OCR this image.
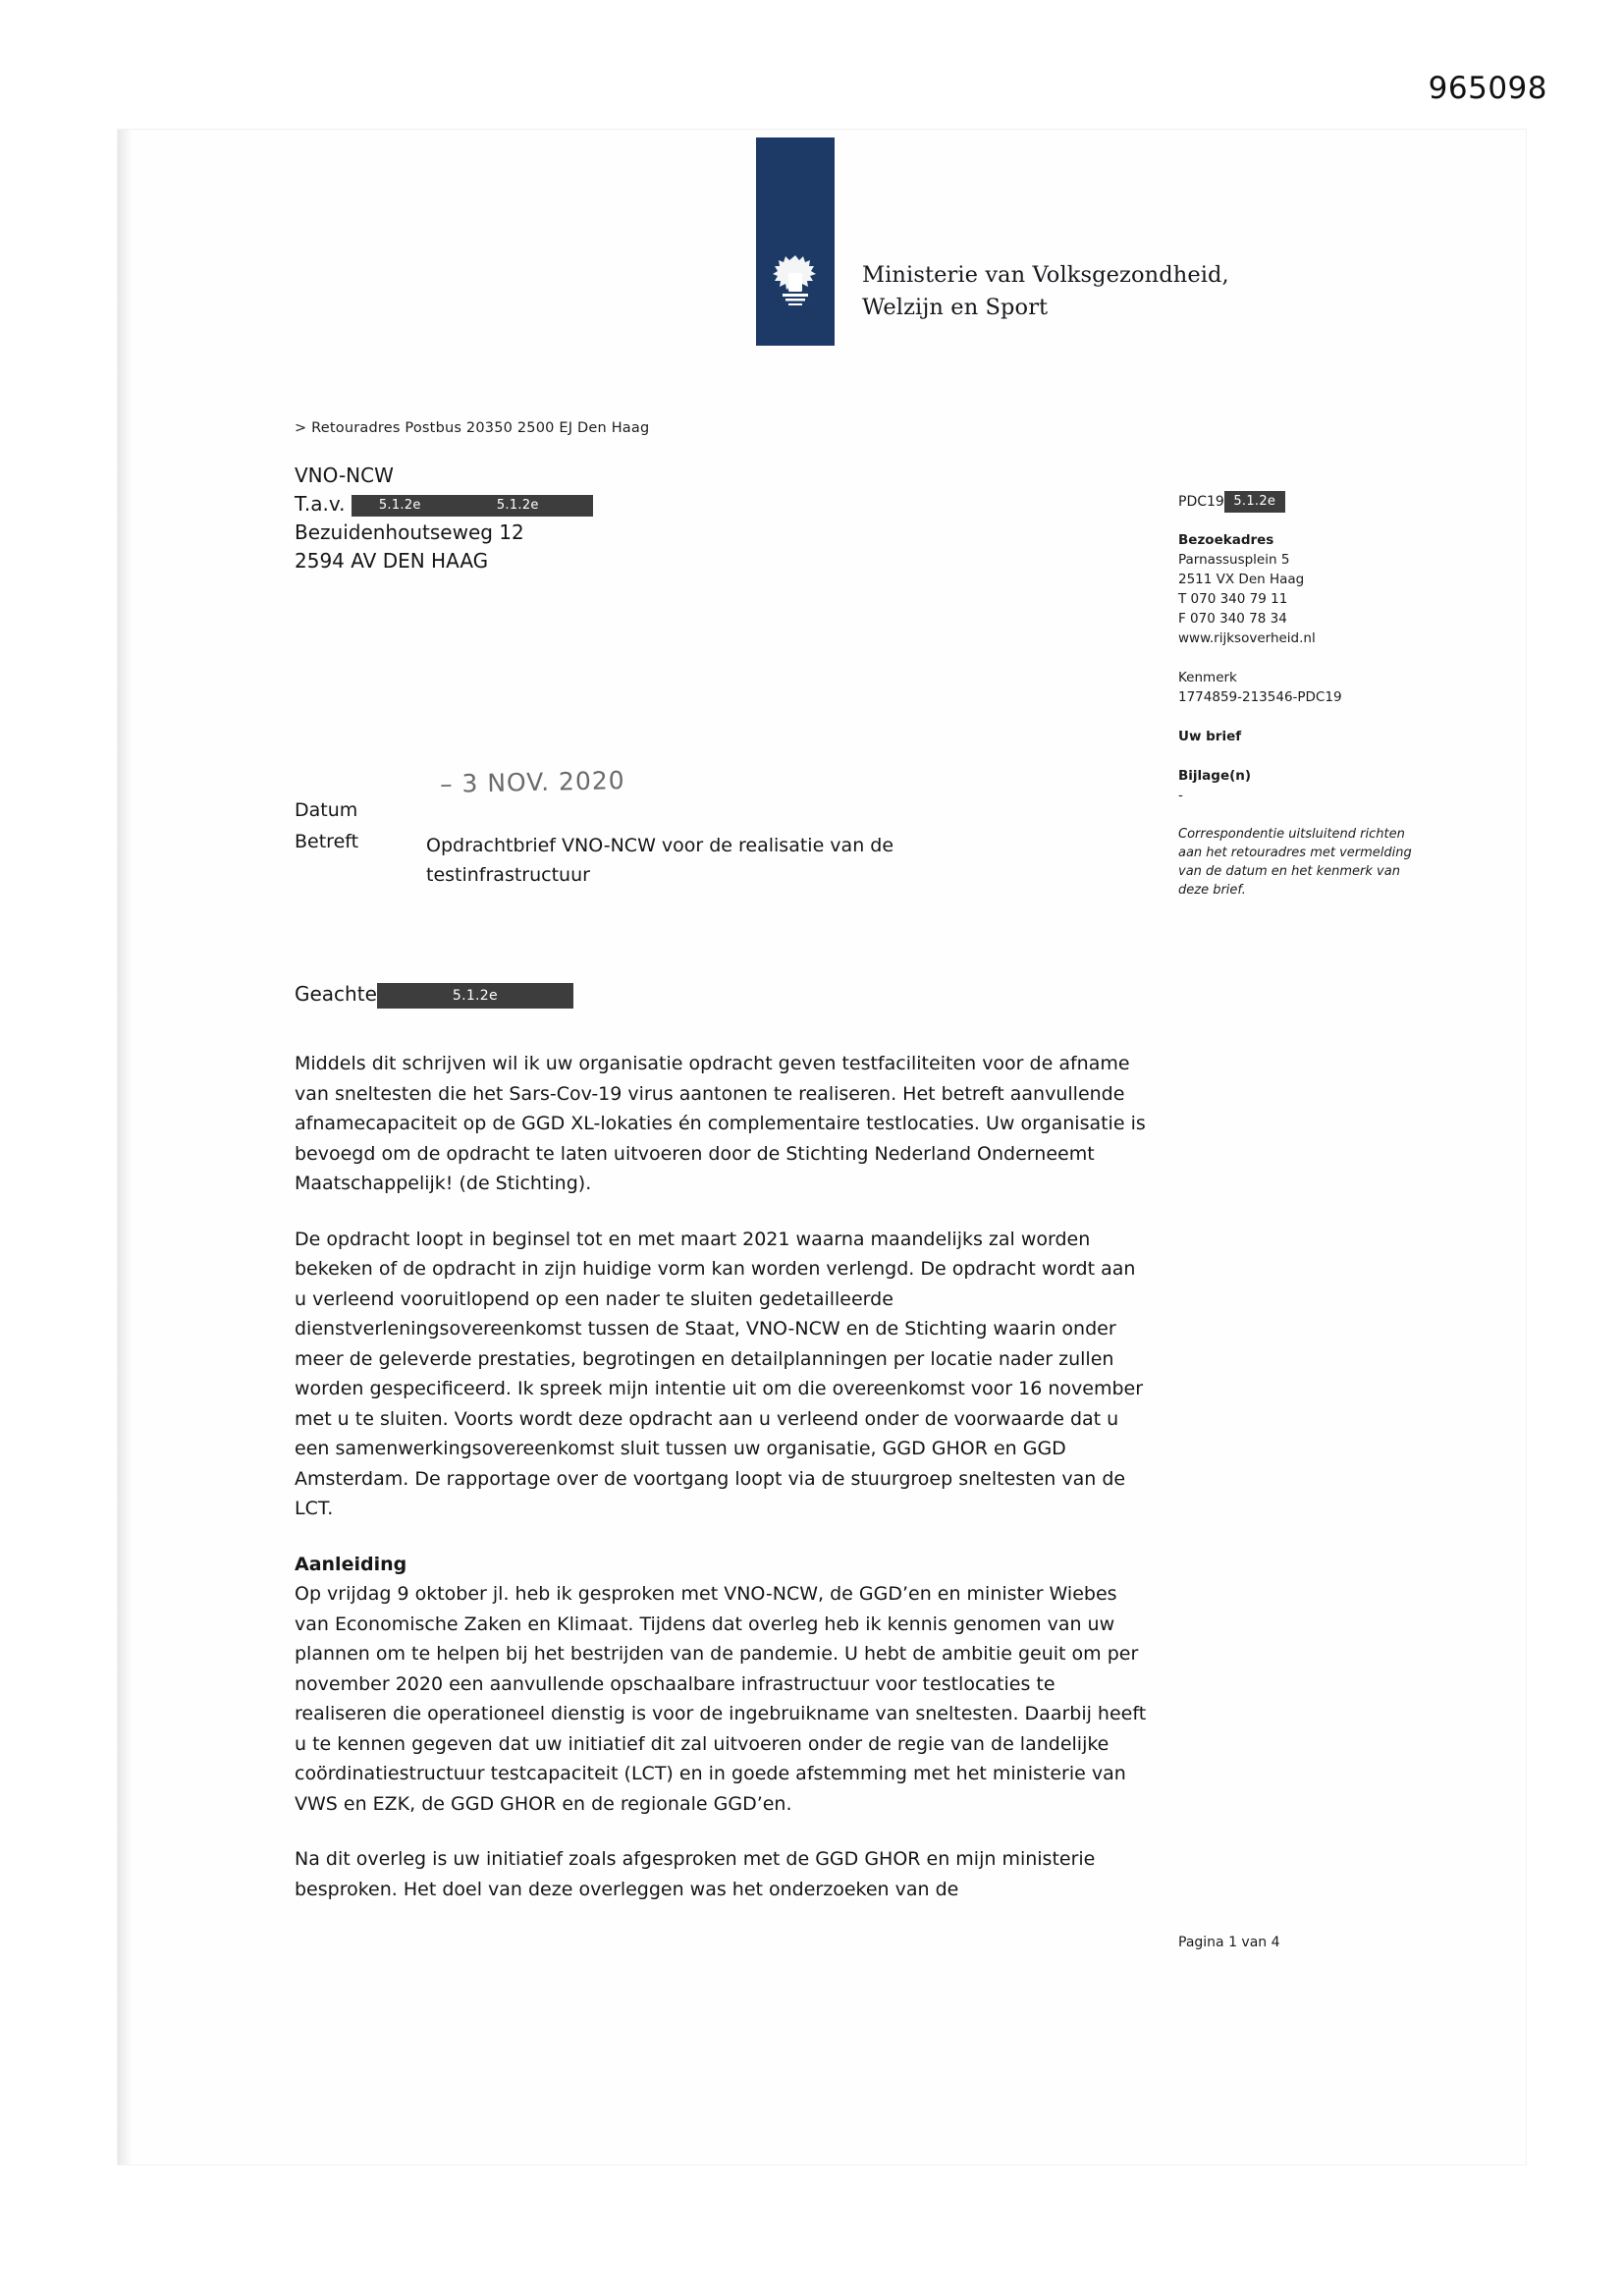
965098
Ministerie van Volksgezondheid,
Welzijn en Sport
> Retouradres Postbus 20350 2500 EJ Den Haag
VNO-NCW
T.a.v.	5.1.2e	5.1.2e
Bezuidenhoutseweg 12
2594 AV DEN HAAG
PDC19 5.1.2e
Bezoekadres
Parnassusplein 5
2511 VX Den Haag
T 070 340 79 11
F 070 340 78 34
www.rijksoverheid.nl
Kenmerk
1774859-213546-PDC19
Uw brief
Bijlage(n)
-
Correspondentie uitsluitend richten aan het retouradres met vermelding van de datum en het kenmerk van deze brief.
– 3 NOV. 2020
Datum
Betreft	Opdrachtbrief VNO-NCW voor de realisatie van de testinfrastructuur
Geachte	5.1.2e

Middels dit schrijven wil ik uw organisatie opdracht geven testfaciliteiten voor de afname van sneltesten die het Sars-Cov-19 virus aantonen te realiseren. Het betreft aanvullende afnamecapaciteit op de GGD XL-lokaties én complementaire testlocaties. Uw organisatie is bevoegd om de opdracht te laten uitvoeren door de Stichting Nederland Onderneemt Maatschappelijk! (de Stichting).

De opdracht loopt in beginsel tot en met maart 2021 waarna maandelijks zal worden bekeken of de opdracht in zijn huidige vorm kan worden verlengd. De opdracht wordt aan u verleend vooruitlopend op een nader te sluiten gedetailleerde dienstverleningsovereenkomst tussen de Staat, VNO-NCW en de Stichting waarin onder meer de geleverde prestaties, begrotingen en detailplanningen per locatie nader zullen worden gespecificeerd. Ik spreek mijn intentie uit om die overeenkomst voor 16 november met u te sluiten. Voorts wordt deze opdracht aan u verleend onder de voorwaarde dat u een samenwerkingsovereenkomst sluit tussen uw organisatie, GGD GHOR en GGD Amsterdam. De rapportage over de voortgang loopt via de stuurgroep sneltesten van de LCT.

Aanleiding

Op vrijdag 9 oktober jl. heb ik gesproken met VNO-NCW, de GGD’en en minister Wiebes van Economische Zaken en Klimaat. Tijdens dat overleg heb ik kennis genomen van uw plannen om te helpen bij het bestrijden van de pandemie. U hebt de ambitie geuit om per november 2020 een aanvullende opschaalbare infrastructuur voor testlocaties te realiseren die operationeel dienstig is voor de ingebruikname van sneltesten. Daarbij heeft u te kennen gegeven dat uw initiatief dit zal uitvoeren onder de regie van de landelijke coördinatiestructuur testcapaciteit (LCT) en in goede afstemming met het ministerie van VWS en EZK, de GGD GHOR en de regionale GGD’en.

Na dit overleg is uw initiatief zoals afgesproken met de GGD GHOR en mijn ministerie besproken. Het doel van deze overleggen was het onderzoeken van de

Pagina 1 van 4
